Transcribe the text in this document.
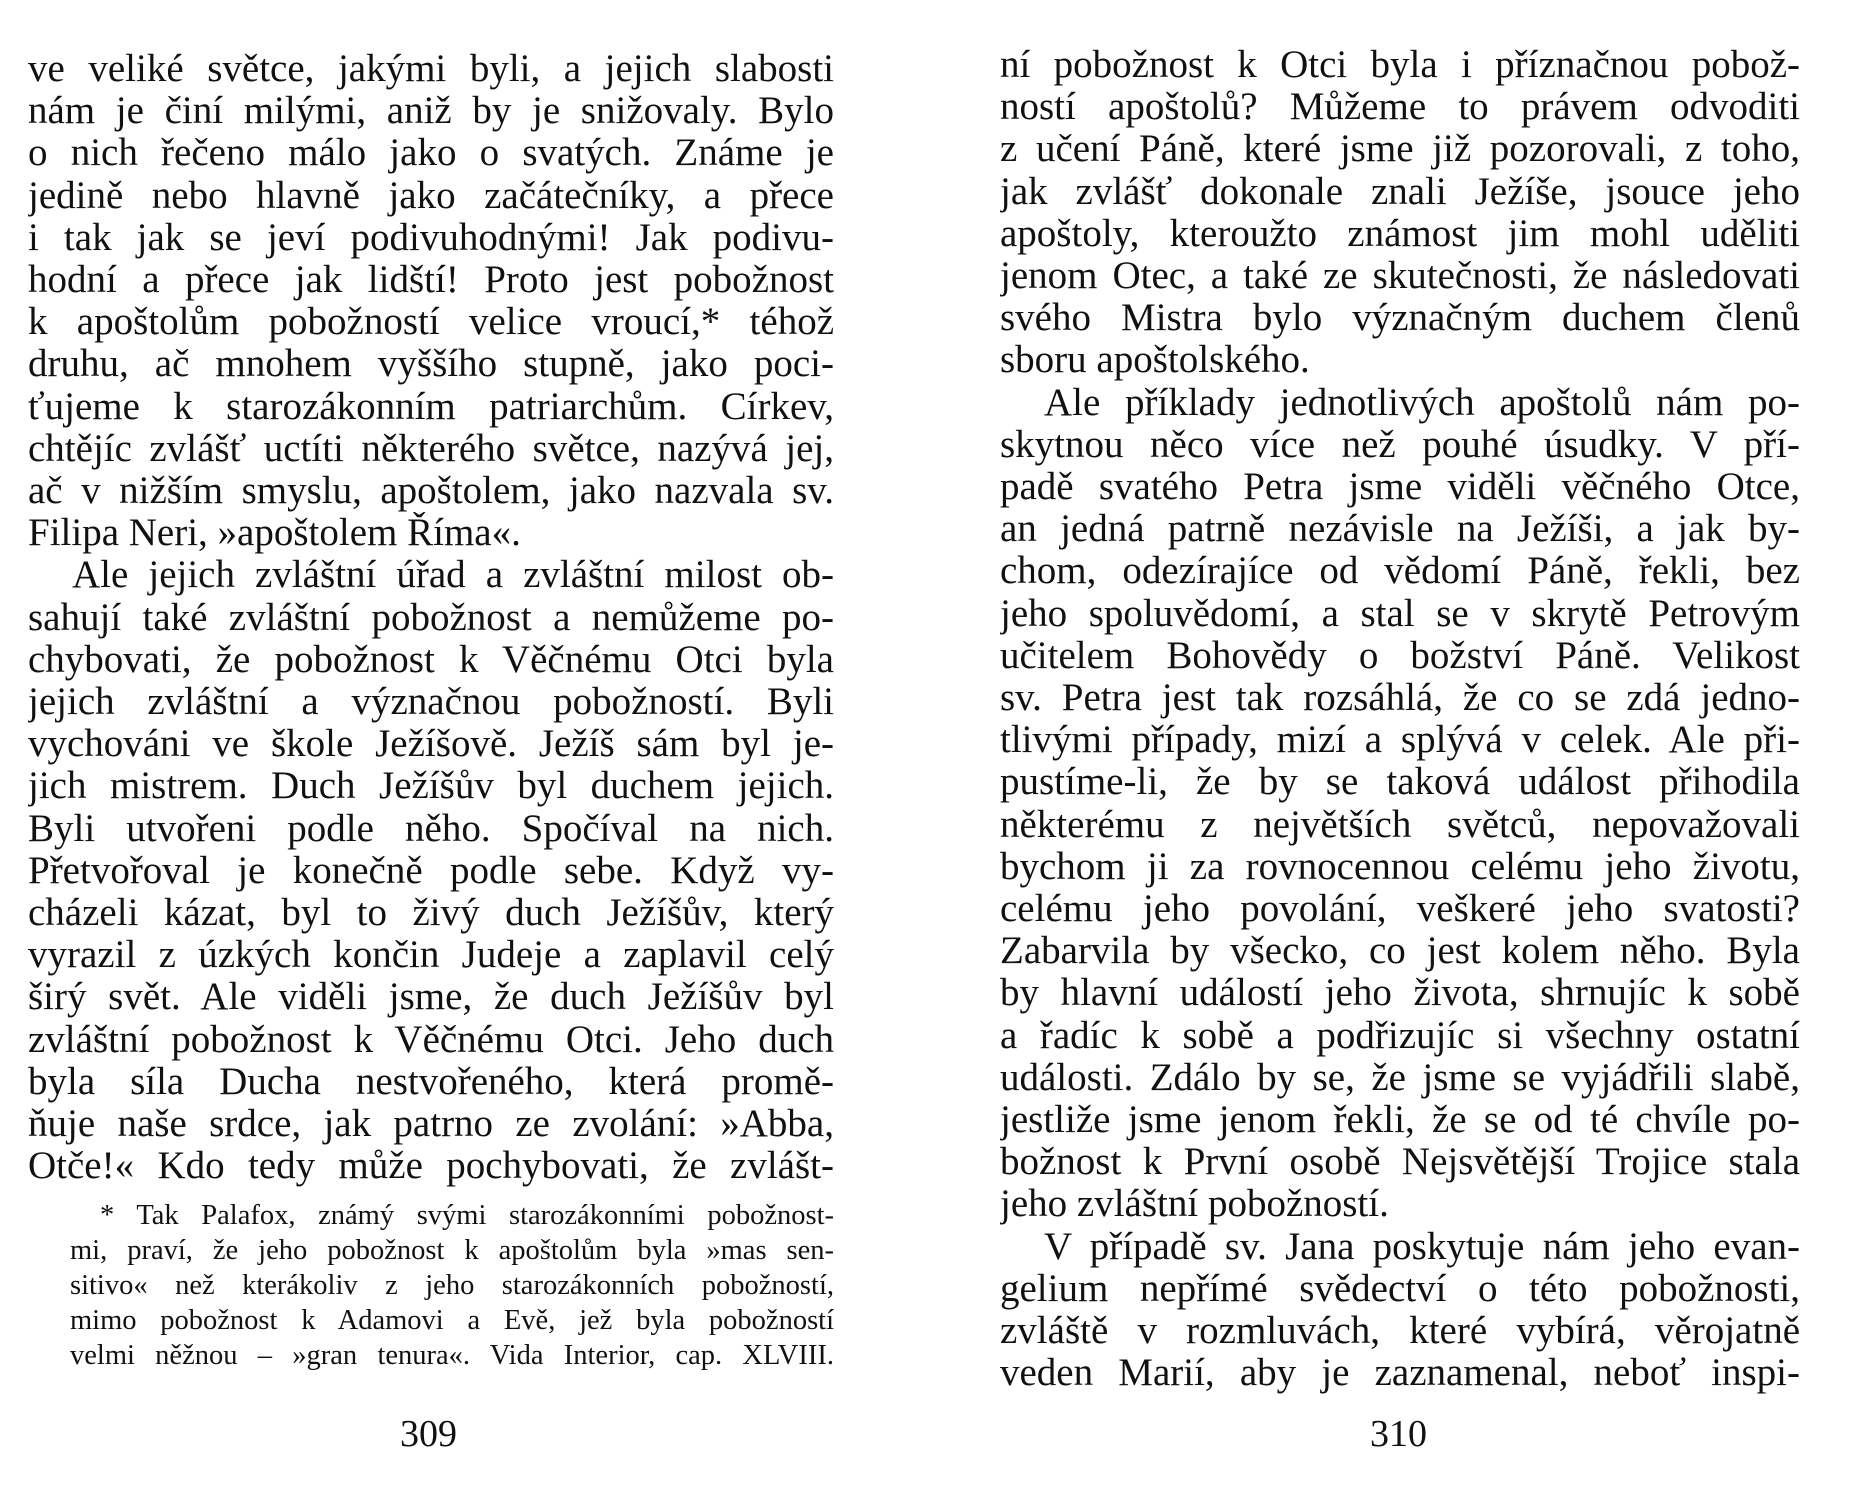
ve veliké světce, jakými byli, a jejich slabosti
nám je činí milými, aniž by je snižovaly. Bylo
o nich řečeno málo jako o svatých. Známe je
jedině nebo hlavně jako začátečníky, a přece
i tak jak se jeví podivuhodnými! Jak podivu-
hodní a přece jak lidští! Proto jest pobožnost
k apoštolům pobožností velice vroucí,* téhož
druhu, ač mnohem vyššího stupně, jako poci-
ťujeme k starozákonním patriarchům. Církev,
chtějíc zvlášť uctíti některého světce, nazývá jej,
ač v nižším smyslu, apoštolem, jako nazvala sv.
Filipa Neri, »apoštolem Říma«.
Ale jejich zvláštní úřad a zvláštní milost ob-
sahují také zvláštní pobožnost a nemůžeme po-
chybovati, že pobožnost k Věčnému Otci byla
jejich zvláštní a význačnou pobožností. Byli
vychováni ve škole Ježíšově. Ježíš sám byl je-
jich mistrem. Duch Ježíšův byl duchem jejich.
Byli utvořeni podle něho. Spočíval na nich.
Přetvořoval je konečně podle sebe. Když vy-
cházeli kázat, byl to živý duch Ježíšův, který
vyrazil z úzkých končin Judeje a zaplavil celý
širý svět. Ale viděli jsme, že duch Ježíšův byl
zvláštní pobožnost k Věčnému Otci. Jeho duch
byla síla Ducha nestvořeného, která promě-
ňuje naše srdce, jak patrno ze zvolání: »Abba,
Otče!« Kdo tedy může pochybovati, že zvlášt-
* Tak Palafox, známý svými starozákonními pobožnost-
mi, praví, že jeho pobožnost k apoštolům byla »mas sen-
sitivo« než kterákoliv z jeho starozákonních pobožností,
mimo pobožnost k Adamovi a Evě, jež byla pobožností
velmi něžnou – »gran tenura«. Vida Interior, cap. XLVIII.
309
ní pobožnost k Otci byla i příznačnou pobož-
ností apoštolů? Můžeme to právem odvoditi
z učení Páně, které jsme již pozorovali, z toho,
jak zvlášť dokonale znali Ježíše, jsouce jeho
apoštoly, kteroužto známost jim mohl uděliti
jenom Otec, a také ze skutečnosti, že následovati
svého Mistra bylo význačným duchem členů
sboru apoštolského.
Ale příklady jednotlivých apoštolů nám po-
skytnou něco více než pouhé úsudky. V pří-
padě svatého Petra jsme viděli věčného Otce,
an jedná patrně nezávisle na Ježíši, a jak by-
chom, odezírajíce od vědomí Páně, řekli, bez
jeho spoluvědomí, a stal se v skrytě Petrovým
učitelem Bohovědy o božství Páně. Velikost
sv. Petra jest tak rozsáhlá, že co se zdá jedno-
tlivými případy, mizí a splývá v celek. Ale při-
pustíme-li, že by se taková událost přihodila
některému z největších světců, nepovažovali
bychom ji za rovnocennou celému jeho životu,
celému jeho povolání, veškeré jeho svatosti?
Zabarvila by všecko, co jest kolem něho. Byla
by hlavní událostí jeho života, shrnujíc k sobě
a řadíc k sobě a podřizujíc si všechny ostatní
události. Zdálo by se, že jsme se vyjádřili slabě,
jestliže jsme jenom řekli, že se od té chvíle po-
božnost k První osobě Nejsvětější Trojice stala
jeho zvláštní pobožností.
V případě sv. Jana poskytuje nám jeho evan-
gelium nepřímé svědectví o této pobožnosti,
zvláště v rozmluvách, které vybírá, věrojatně
veden Marií, aby je zaznamenal, neboť inspi-
310
